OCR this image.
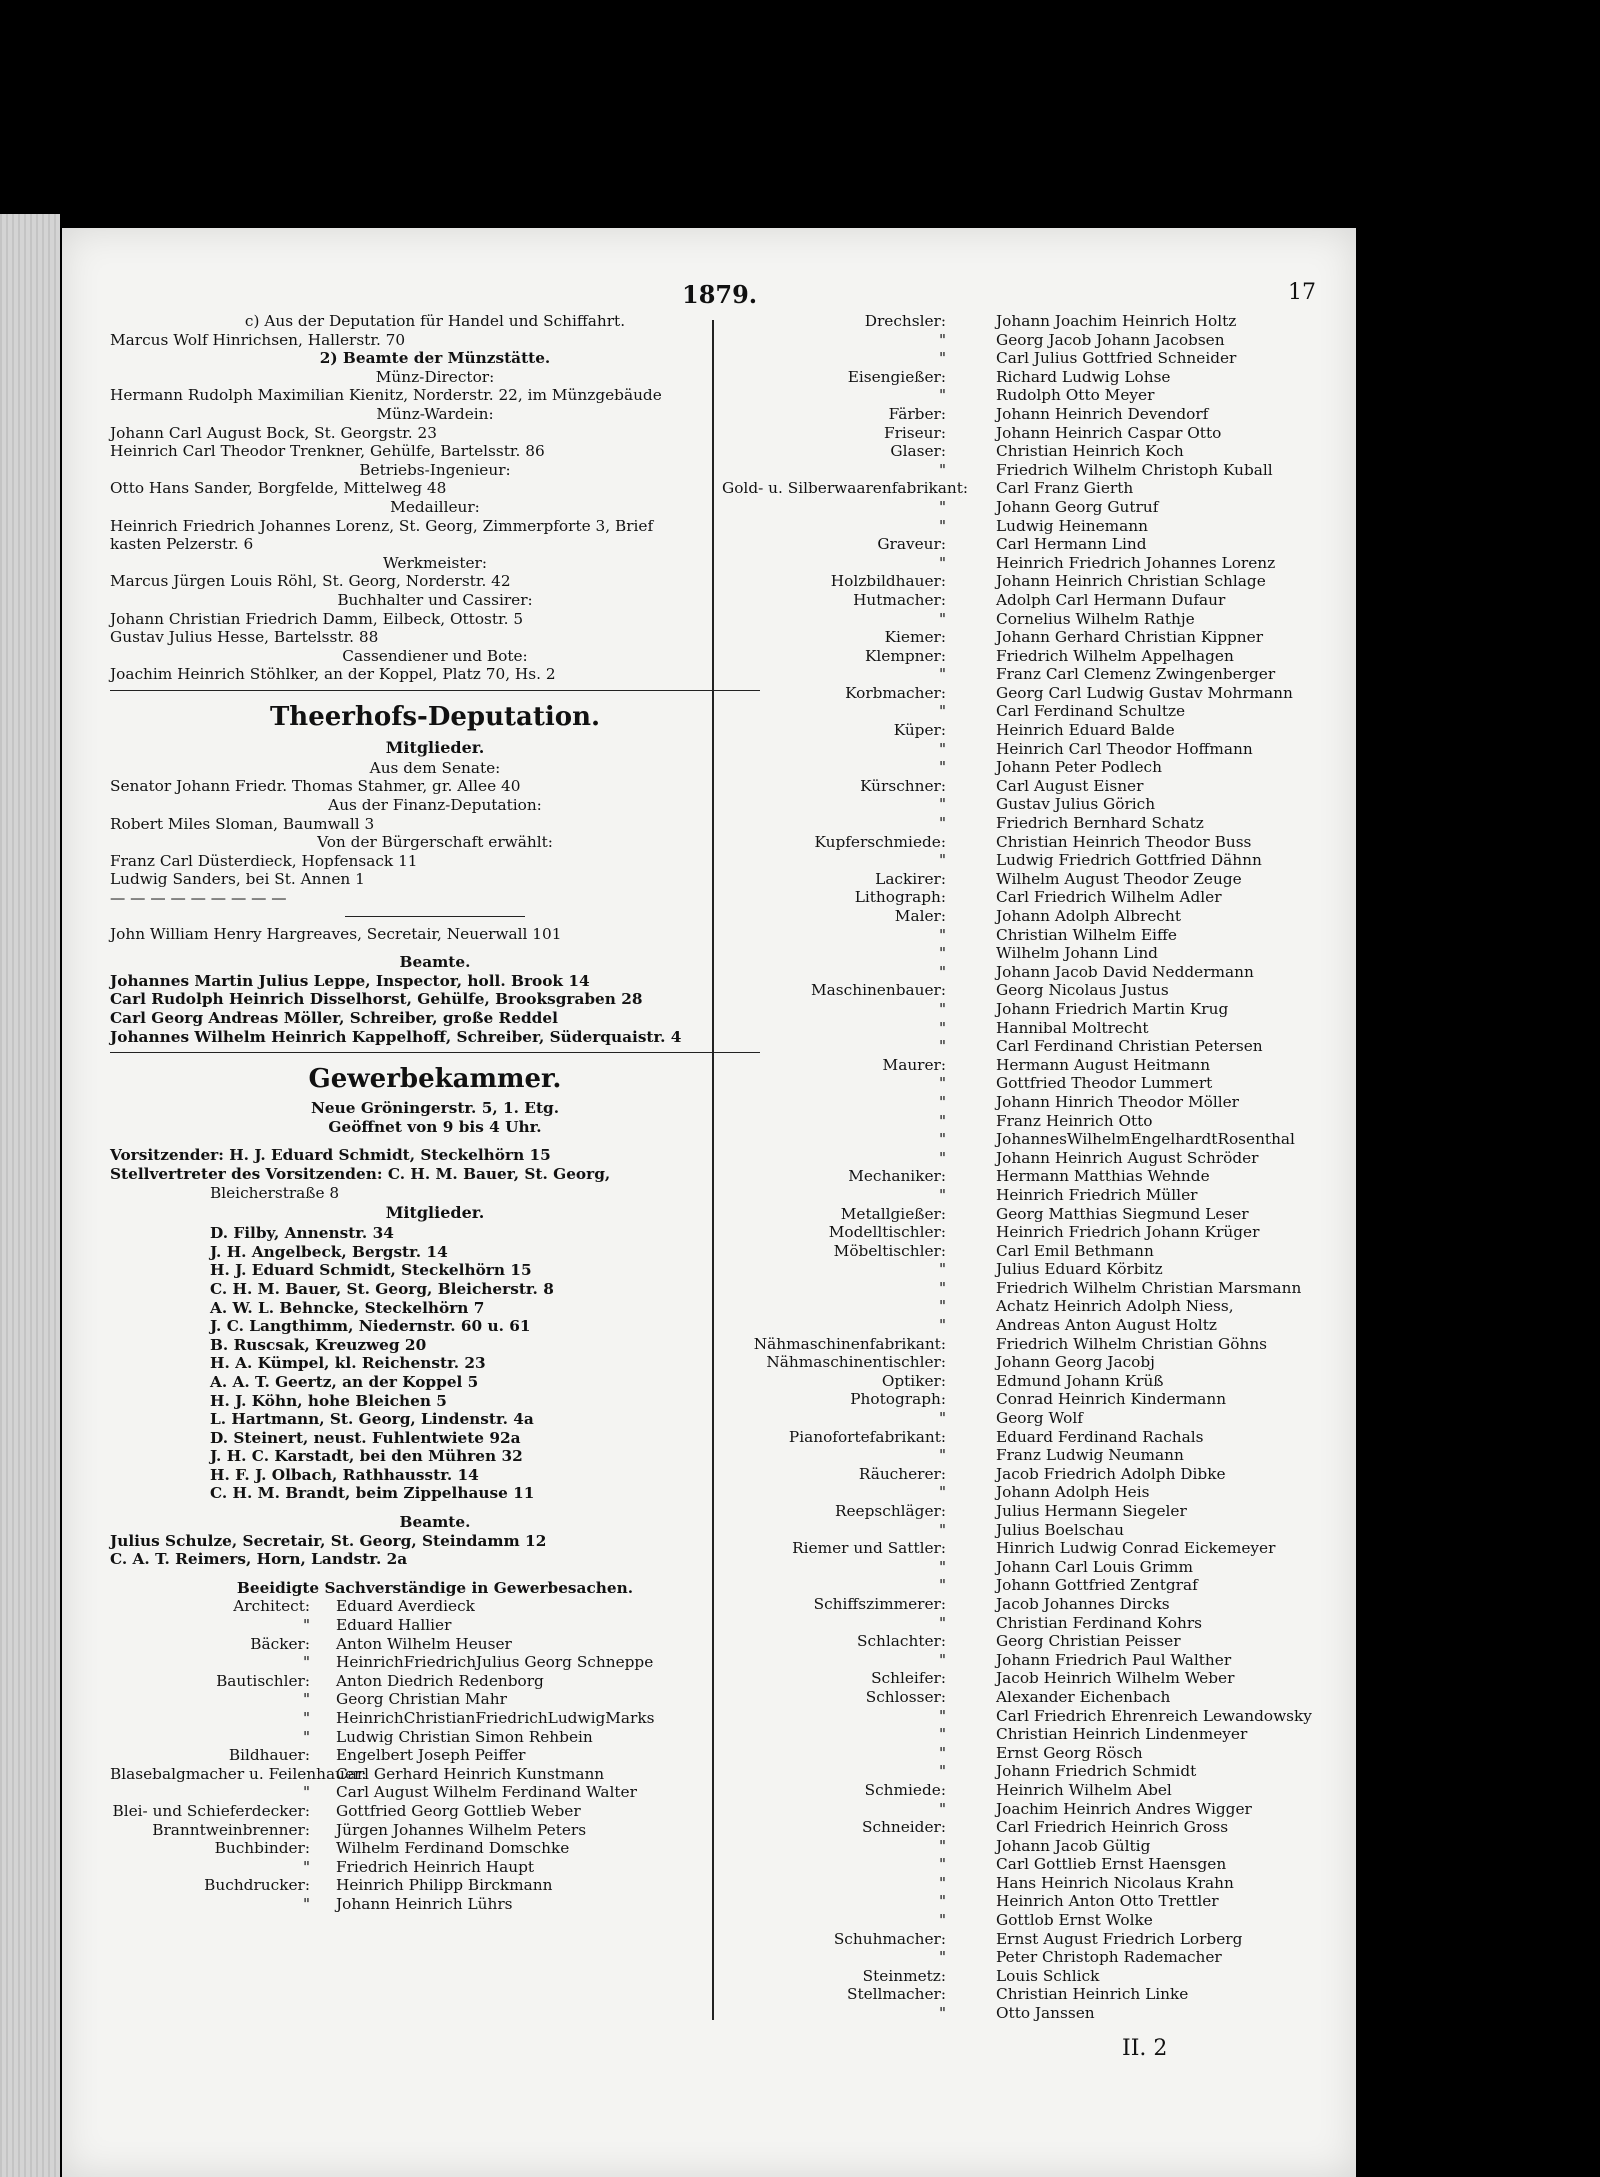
1879.	17
c) Aus der Deputation für Handel und Schiffahrt.
Marcus Wolf Hinrichsen, Hallerstr. 70
2) Beamte der Münzstätte.
Münz-Director:
Hermann Rudolph Maximilian Kienitz, Norderstr. 22, im Münzgebäude
Münz-Wardein:
Johann Carl August Bock, St. Georgstr. 23
Heinrich Carl Theodor Trenkner, Gehülfe, Bartelsstr. 86
Betriebs-Ingenieur:
Otto Hans Sander, Borgfelde, Mittelweg 48
Medailleur:
Heinrich Friedrich Johannes Lorenz, St. Georg, Zimmerpforte 3, Brief
kasten Pelzerstr. 6
Werkmeister:
Marcus Jürgen Louis Röhl, St. Georg, Norderstr. 42
Buchhalter und Cassirer:
Johann Christian Friedrich Damm, Eilbeck, Ottostr. 5
Gustav Julius Hesse, Bartelsstr. 88
Cassendiener und Bote:
Joachim Heinrich Stöhlker, an der Koppel, Platz 70, Hs. 2
Theerhofs-Deputation.
Mitglieder.
Aus dem Senate:
Senator Johann Friedr. Thomas Stahmer, gr. Allee 40
Aus der Finanz-Deputation:
Robert Miles Sloman, Baumwall 3
Von der Bürgerschaft erwählt:
Franz Carl Düsterdieck, Hopfensack 11
Ludwig Sanders, bei St. Annen 1
— — — — — — — — —
John William Henry Hargreaves, Secretair, Neuerwall 101
Beamte.
Johannes Martin Julius Leppe, Inspector, holl. Brook 14
Carl Rudolph Heinrich Disselhorst, Gehülfe, Brooksgraben 28
Carl Georg Andreas Möller, Schreiber, große Reddel
Johannes Wilhelm Heinrich Kappelhoff, Schreiber, Süderquaistr. 4
Gewerbekammer.
Neue Gröningerstr. 5, 1. Etg.
Geöffnet von 9 bis 4 Uhr.
Vorsitzender: H. J. Eduard Schmidt, Steckelhörn 15
Stellvertreter des Vorsitzenden: C. H. M. Bauer, St. Georg,
Bleicherstraße 8
Mitglieder.
D. Filby, Annenstr. 34
J. H. Angelbeck, Bergstr. 14
H. J. Eduard Schmidt, Steckelhörn 15
C. H. M. Bauer, St. Georg, Bleicherstr. 8
A. W. L. Behncke, Steckelhörn 7
J. C. Langthimm, Niedernstr. 60 u. 61
B. Ruscsak, Kreuzweg 20
H. A. Kümpel, kl. Reichenstr. 23
A. A. T. Geertz, an der Koppel 5
H. J. Köhn, hohe Bleichen 5
L. Hartmann, St. Georg, Lindenstr. 4a
D. Steinert, neust. Fuhlentwiete 92a
J. H. C. Karstadt, bei den Mühren 32
H. F. J. Olbach, Rathhausstr. 14
C. H. M. Brandt, beim Zippelhause 11
Beamte.
Julius Schulze, Secretair, St. Georg, Steindamm 12
C. A. T. Reimers, Horn, Landstr. 2a
Beeidigte Sachverständige in Gewerbesachen.
Architect:	Eduard Averdieck
"	Eduard Hallier
Bäcker:	Anton Wilhelm Heuser
"	HeinrichFriedrichJulius Georg Schneppe
Bautischler:	Anton Diedrich Redenborg
"	Georg Christian Mahr
"	HeinrichChristianFriedrichLudwigMarks
"	Ludwig Christian Simon Rehbein
Bildhauer:	Engelbert Joseph Peiffer
Blasebalgmacher u. Feilenhauer:
Carl Gerhard Heinrich Kunstmann
"	Carl August Wilhelm Ferdinand Walter
Blei- und Schieferdecker:	Gottfried Georg Gottlieb Weber
Branntweinbrenner:	Jürgen Johannes Wilhelm Peters
Buchbinder:	Wilhelm Ferdinand Domschke
"	Friedrich Heinrich Haupt
Buchdrucker:	Heinrich Philipp Birckmann
"	Johann Heinrich Lührs
Drechsler:	Johann Joachim Heinrich Holtz
"	Georg Jacob Johann Jacobsen
"	Carl Julius Gottfried Schneider
Eisengießer:	Richard Ludwig Lohse
"	Rudolph Otto Meyer
Färber:	Johann Heinrich Devendorf
Friseur:	Johann Heinrich Caspar Otto
Glaser:	Christian Heinrich Koch
"	Friedrich Wilhelm Christoph Kuball
Gold- u. Silberwaarenfabrikant:	Carl Franz Gierth
"	Johann Georg Gutruf
"	Ludwig Heinemann
Graveur:	Carl Hermann Lind
"	Heinrich Friedrich Johannes Lorenz
Holzbildhauer:	Johann Heinrich Christian Schlage
Hutmacher:	Adolph Carl Hermann Dufaur
"	Cornelius Wilhelm Rathje
Kiemer:	Johann Gerhard Christian Kippner
Klempner:	Friedrich Wilhelm Appelhagen
"	Franz Carl Clemenz Zwingenberger
Korbmacher:	Georg Carl Ludwig Gustav Mohrmann
"	Carl Ferdinand Schultze
Küper:	Heinrich Eduard Balde
"	Heinrich Carl Theodor Hoffmann
"	Johann Peter Podlech
Kürschner:	Carl August Eisner
"	Gustav Julius Görich
"	Friedrich Bernhard Schatz
Kupferschmiede:	Christian Heinrich Theodor Buss
"	Ludwig Friedrich Gottfried Dähnn
Lackirer:	Wilhelm August Theodor Zeuge
Lithograph:	Carl Friedrich Wilhelm Adler
Maler:	Johann Adolph Albrecht
"	Christian Wilhelm Eiffe
"	Wilhelm Johann Lind
"	Johann Jacob David Neddermann
Maschinenbauer:	Georg Nicolaus Justus
"	Johann Friedrich Martin Krug
"	Hannibal Moltrecht
"	Carl Ferdinand Christian Petersen
Maurer:	Hermann August Heitmann
"	Gottfried Theodor Lummert
"	Johann Hinrich Theodor Möller
"	Franz Heinrich Otto
"	JohannesWilhelmEngelhardtRosenthal
"	Johann Heinrich August Schröder
Mechaniker:	Hermann Matthias Wehnde
"	Heinrich Friedrich Müller
Metallgießer:	Georg Matthias Siegmund Leser
Modelltischler:	Heinrich Friedrich Johann Krüger
Möbeltischler:	Carl Emil Bethmann
"	Julius Eduard Körbitz
"	Friedrich Wilhelm Christian Marsmann
"	Achatz Heinrich Adolph Niess,
"	Andreas Anton August Holtz
Nähmaschinenfabrikant:	Friedrich Wilhelm Christian Göhns
Nähmaschinentischler:	Johann Georg Jacobj
Optiker:	Edmund Johann Krüß
Photograph:	Conrad Heinrich Kindermann
"	Georg Wolf
Pianofortefabrikant:	Eduard Ferdinand Rachals
"	Franz Ludwig Neumann
Räucherer:	Jacob Friedrich Adolph Dibke
"	Johann Adolph Heis
Reepschläger:	Julius Hermann Siegeler
"	Julius Boelschau
Riemer und Sattler:	Hinrich Ludwig Conrad Eickemeyer
"	Johann Carl Louis Grimm
"	Johann Gottfried Zentgraf
Schiffszimmerer:	Jacob Johannes Dircks
"	Christian Ferdinand Kohrs
Schlachter:	Georg Christian Peisser
"	Johann Friedrich Paul Walther
Schleifer:	Jacob Heinrich Wilhelm Weber
Schlosser:	Alexander Eichenbach
"	Carl Friedrich Ehrenreich Lewandowsky
"	Christian Heinrich Lindenmeyer
"	Ernst Georg Rösch
"	Johann Friedrich Schmidt
Schmiede:	Heinrich Wilhelm Abel
"	Joachim Heinrich Andres Wigger
Schneider:	Carl Friedrich Heinrich Gross
"	Johann Jacob Gültig
"	Carl Gottlieb Ernst Haensgen
"	Hans Heinrich Nicolaus Krahn
"	Heinrich Anton Otto Trettler
"	Gottlob Ernst Wolke
Schuhmacher:	Ernst August Friedrich Lorberg
"	Peter Christoph Rademacher
Steinmetz:	Louis Schlick
Stellmacher:	Christian Heinrich Linke
"	Otto Janssen
II. 2
